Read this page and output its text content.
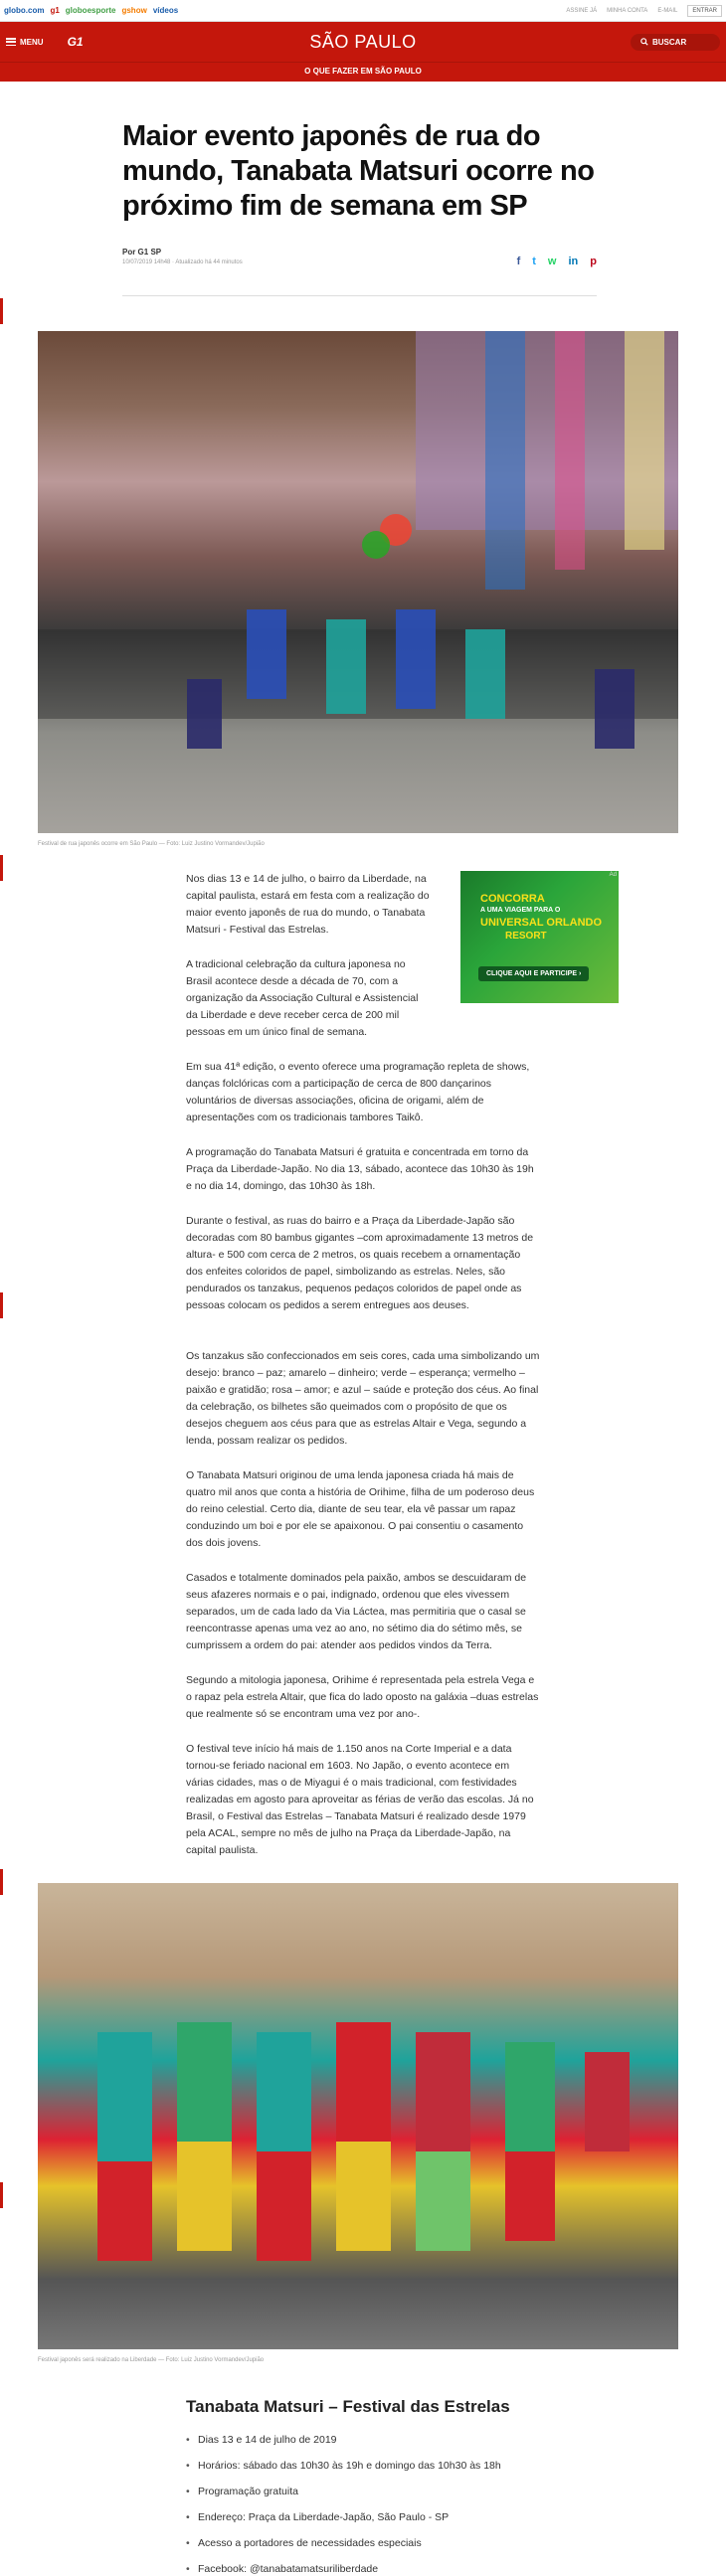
globo.com g1 globoesporte gshow vídeos	ASSINE JÁ MINHA CONTA E-MAIL	ENTRAR
MENU G1	SÃO PAULO	BUSCAR
O QUE FAZER EM SÃO PAULO
Maior evento japonês de rua do mundo, Tanabata Matsuri ocorre no próximo fim de semana em SP
Por G1 SP
10/07/2019 14h48 · Atualizado há 44 minutos	f t w in p
Festival de rua japonês ocorre em São Paulo — Foto: Luiz Justino Vormandev/Jupião
Ad
CONCORRA
A UMA VIAGEM PARA O
UNIVERSAL ORLANDO
RESORT
CLIQUE AQUI E PARTICIPE ›

Nos dias 13 e 14 de julho, o bairro da Liberdade, na capital paulista, estará em festa com a realização do maior evento japonês de rua do mundo, o Tanabata Matsuri - Festival das Estrelas.

A tradicional celebração da cultura japonesa no Brasil acontece desde a década de 70, com a organização da Associação Cultural e Assistencial da Liberdade e deve receber cerca de 200 mil pessoas em um único final de semana.

Em sua 41ª edição, o evento oferece uma programação repleta de shows, danças folclóricas com a participação de cerca de 800 dançarinos voluntários de diversas associações, oficina de origami, além de apresentações com os tradicionais tambores Taikô.

A programação do Tanabata Matsuri é gratuita e concentrada em torno da Praça da Liberdade-Japão. No dia 13, sábado, acontece das 10h30 às 19h e no dia 14, domingo, das 10h30 às 18h.

Durante o festival, as ruas do bairro e a Praça da Liberdade-Japão são decoradas com 80 bambus gigantes –com aproximadamente 13 metros de altura- e 500 com cerca de 2 metros, os quais recebem a ornamentação dos enfeites coloridos de papel, simbolizando as estrelas. Neles, são pendurados os tanzakus, pequenos pedaços coloridos de papel onde as pessoas colocam os pedidos a serem entregues aos deuses.

Os tanzakus são confeccionados em seis cores, cada uma simbolizando um desejo: branco – paz; amarelo – dinheiro; verde – esperança; vermelho – paixão e gratidão; rosa – amor; e azul – saúde e proteção dos céus. Ao final da celebração, os bilhetes são queimados com o propósito de que os desejos cheguem aos céus para que as estrelas Altair e Vega, segundo a lenda, possam realizar os pedidos.

O Tanabata Matsuri originou de uma lenda japonesa criada há mais de quatro mil anos que conta a história de Orihime, filha de um poderoso deus do reino celestial. Certo dia, diante de seu tear, ela vê passar um rapaz conduzindo um boi e por ele se apaixonou. O pai consentiu o casamento dos dois jovens.

Casados e totalmente dominados pela paixão, ambos se descuidaram de seus afazeres normais e o pai, indignado, ordenou que eles vivessem separados, um de cada lado da Via Láctea, mas permitiria que o casal se reencontrasse apenas uma vez ao ano, no sétimo dia do sétimo mês, se cumprissem a ordem do pai: atender aos pedidos vindos da Terra.

Segundo a mitologia japonesa, Orihime é representada pela estrela Vega e o rapaz pela estrela Altair, que fica do lado oposto na galáxia –duas estrelas que realmente só se encontram uma vez por ano-.

O festival teve início há mais de 1.150 anos na Corte Imperial e a data tornou-se feriado nacional em 1603. No Japão, o evento acontece em várias cidades, mas o de Miyagui é o mais tradicional, com festividades realizadas em agosto para aproveitar as férias de verão das escolas. Já no Brasil, o Festival das Estrelas – Tanabata Matsuri é realizado desde 1979 pela ACAL, sempre no mês de julho na Praça da Liberdade-Japão, na capital paulista.

Festival japonês será realizado na Liberdade — Foto: Luiz Justino Vormandev/Jupião
Tanabata Matsuri – Festival das Estrelas
• Dias 13 e 14 de julho de 2019
• Horários: sábado das 10h30 às 19h e domingo das 10h30 às 18h
• Programação gratuita
• Endereço: Praça da Liberdade-Japão, São Paulo - SP
• Acesso a portadores de necessidades especiais
• Facebook: @tanabatamatsuriliberdade
